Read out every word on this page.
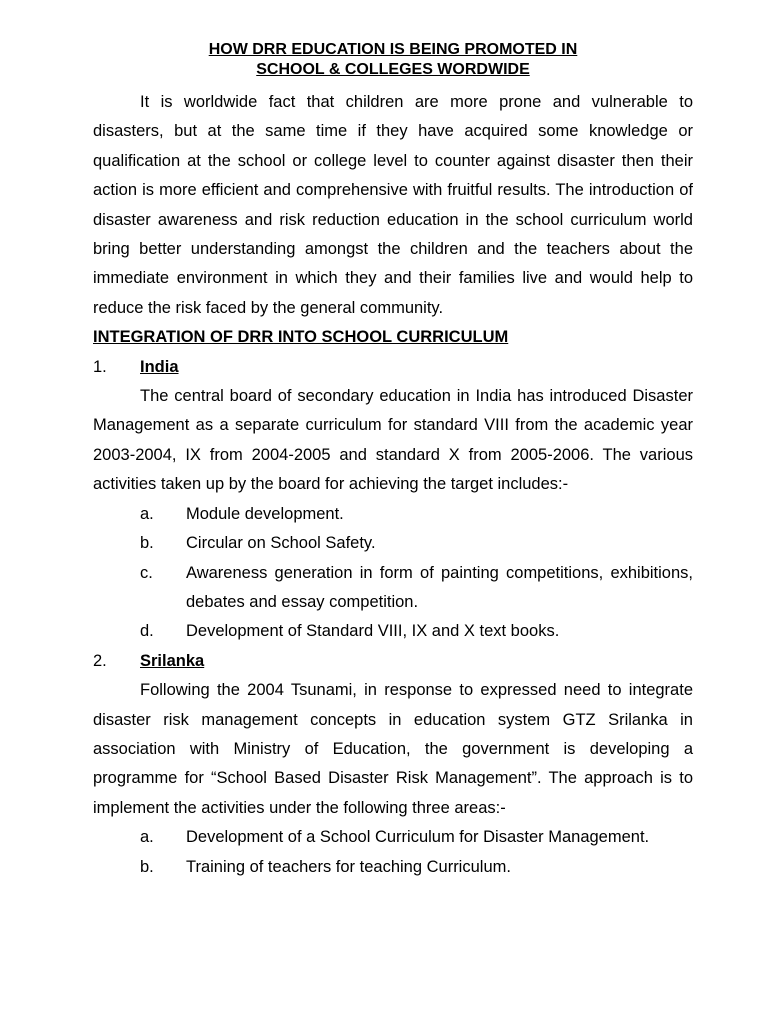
HOW DRR EDUCATION IS BEING PROMOTED IN

SCHOOL & COLLEGES WORDWIDE

It is worldwide fact that children are more prone and vulnerable to disasters, but at the same time if they have acquired some knowledge or qualification at the school or college level to counter against disaster then their action is more efficient and comprehensive with fruitful results. The introduction of disaster awareness and risk reduction education in the school curriculum world bring better understanding amongst the children and the teachers about the immediate environment in which they and their families live and would help to reduce the risk faced by the general community.

INTEGRATION OF DRR INTO SCHOOL CURRICULUM

1.	India

The central board of secondary education in India has introduced Disaster Management as a separate curriculum for standard VIII from the academic year 2003-2004, IX from 2004-2005 and standard X from 2005-2006. The various activities taken up by the board for achieving the target includes:-

a.	Module development.
b.	Circular on School Safety.
c.	Awareness generation in form of painting competitions, exhibitions, debates and essay competition.
d.	Development of Standard VIII, IX and X text books.
2.	Srilanka

Following the 2004 Tsunami, in response to expressed need to integrate disaster risk management concepts in education system GTZ Srilanka in association with Ministry of Education, the government is developing a programme for “School Based Disaster Risk Management”. The approach is to implement the activities under the following three areas:-

a.	Development of a School Curriculum for Disaster Management.
b.	Training of teachers for teaching Curriculum.
